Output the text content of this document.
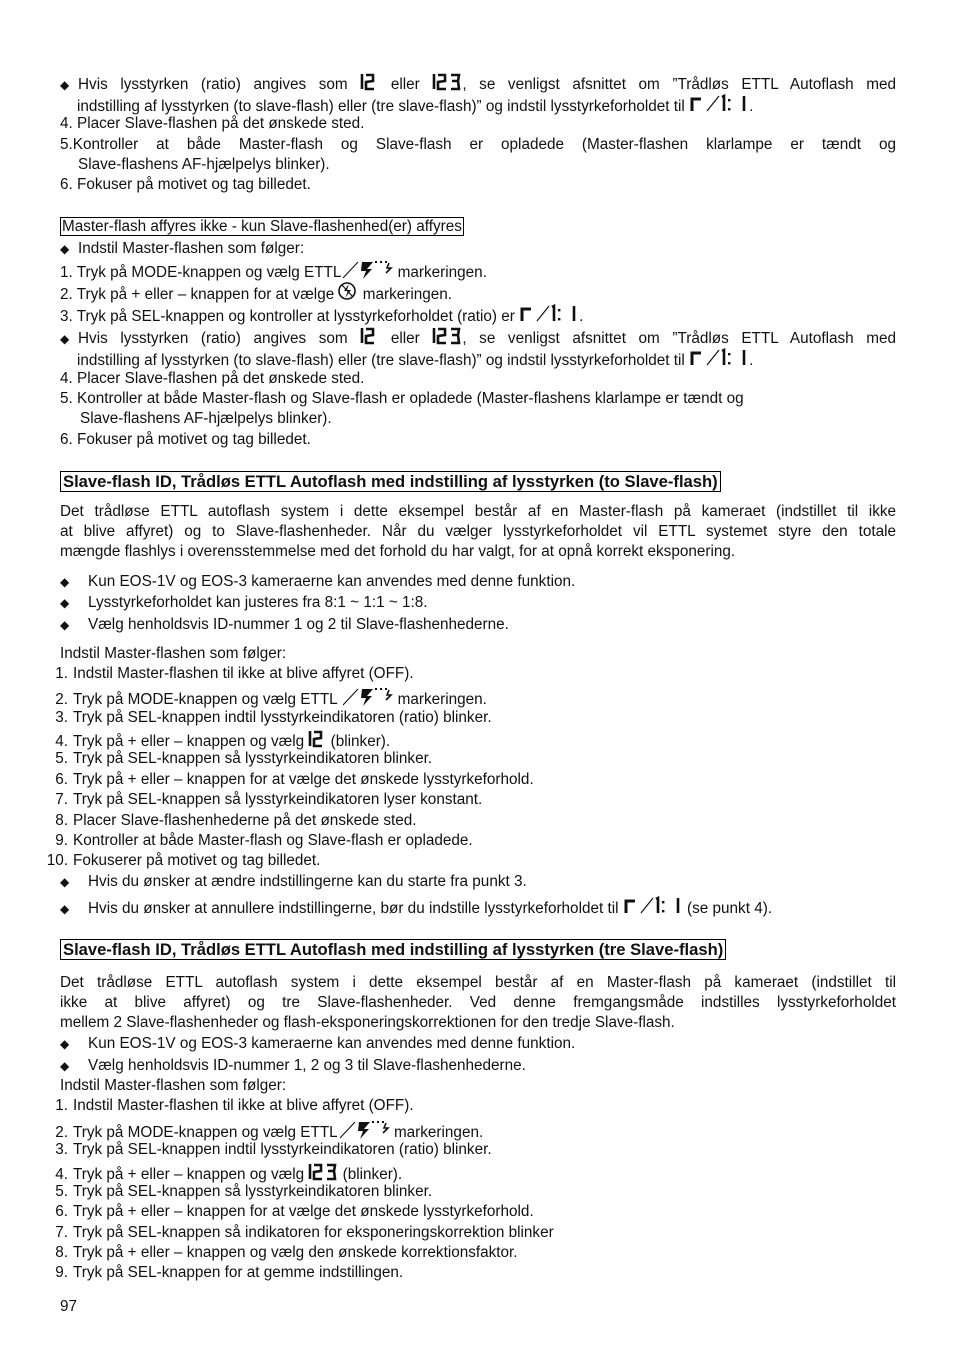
◆ Hvis lysstyrken (ratio) angives som	eller	, se venligst afsnittet om ”Trådløs ETTL Autoflash med
indstilling af lysstyrken (to slave-flash) eller (tre slave-flash)” og indstil lysstyrkeforholdet til	.
4. Placer Slave-flashen på det ønskede sted.
5.Kontroller at både Master-flash og Slave-flash er opladede (Master-flashen klarlampe er tændt og
Slave-flashens AF-hjælpelys blinker).
6. Fokuser på motivet og tag billedet.
Master-flash affyres ikke - kun Slave-flashenhed(er) affyres
◆ Indstil Master-flashen som følger:
1. Tryk på MODE-knappen og vælg ETTL	markeringen.
2. Tryk på + eller – knappen for at vælge markeringen.
3. Tryk på SEL-knappen og kontroller at lysstyrkeforholdet (ratio) er	.
◆ Hvis lysstyrken (ratio) angives som	eller	, se venligst afsnittet om ”Trådløs ETTL Autoflash med
indstilling af lysstyrken (to slave-flash) eller (tre slave-flash)” og indstil lysstyrkeforholdet til	.
4. Placer Slave-flashen på det ønskede sted.
5. Kontroller at både Master-flash og Slave-flash er opladede (Master-flashens klarlampe er tændt og
Slave-flashens AF-hjælpelys blinker).
6. Fokuser på motivet og tag billedet.
Slave-flash ID, Trådløs ETTL Autoflash med indstilling af lysstyrken (to Slave-flash)
Det trådløse ETTL autoflash system i dette eksempel består af en Master-flash på kameraet (indstillet til ikke
at blive affyret) og to Slave-flashenheder. Når du vælger lysstyrkeforholdet vil ETTL systemet styre den totale
mængde flashlys i overensstemmelse med det forhold du har valgt, for at opnå korrekt eksponering.
◆ Kun EOS-1V og EOS-3 kameraerne kan anvendes med denne funktion.
◆ Lysstyrkeforholdet kan justeres fra 8:1 ~ 1:1 ~ 1:8.
◆ Vælg henholdsvis ID-nummer 1 og 2 til Slave-flashenhederne.
Indstil Master-flashen som følger:
1. Indstil Master-flashen til ikke at blive affyret (OFF).
2. Tryk på MODE-knappen og vælg ETTL	markeringen.
3. Tryk på SEL-knappen indtil lysstyrkeindikatoren (ratio) blinker.
4. Tryk på + eller – knappen og vælg (blinker).
5. Tryk på SEL-knappen så lysstyrkeindikatoren blinker.
6. Tryk på + eller – knappen for at vælge det ønskede lysstyrkeforhold.
7. Tryk på SEL-knappen så lysstyrkeindikatoren lyser konstant.
8. Placer Slave-flashenhederne på det ønskede sted.
9. Kontroller at både Master-flash og Slave-flash er opladede.
10. Fokuserer på motivet og tag billedet.
◆ Hvis du ønsker at ændre indstillingerne kan du starte fra punkt 3.
◆ Hvis du ønsker at annullere indstillingerne, bør du indstille lysstyrkeforholdet til	(se punkt 4).
Slave-flash ID, Trådløs ETTL Autoflash med indstilling af lysstyrken (tre Slave-flash)
Det trådløse ETTL autoflash system i dette eksempel består af en Master-flash på kameraet (indstillet til
ikke at blive affyret) og tre Slave-flashenheder. Ved denne fremgangsmåde indstilles lysstyrkeforholdet
mellem 2 Slave-flashenheder og flash-eksponeringskorrektionen for den tredje Slave-flash.
◆ Kun EOS-1V og EOS-3 kameraerne kan anvendes med denne funktion.
◆ Vælg henholdsvis ID-nummer 1, 2 og 3 til Slave-flashenhederne.
Indstil Master-flashen som følger:
1. Indstil Master-flashen til ikke at blive affyret (OFF).
2. Tryk på MODE-knappen og vælg ETTL	markeringen.
3. Tryk på SEL-knappen indtil lysstyrkeindikatoren (ratio) blinker.
4. Tryk på + eller – knappen og vælg	(blinker).
5. Tryk på SEL-knappen så lysstyrkeindikatoren blinker.
6. Tryk på + eller – knappen for at vælge det ønskede lysstyrkeforhold.
7. Tryk på SEL-knappen så indikatoren for eksponeringskorrektion blinker
8. Tryk på + eller – knappen og vælg den ønskede korrektionsfaktor.
9. Tryk på SEL-knappen for at gemme indstillingen.
97
